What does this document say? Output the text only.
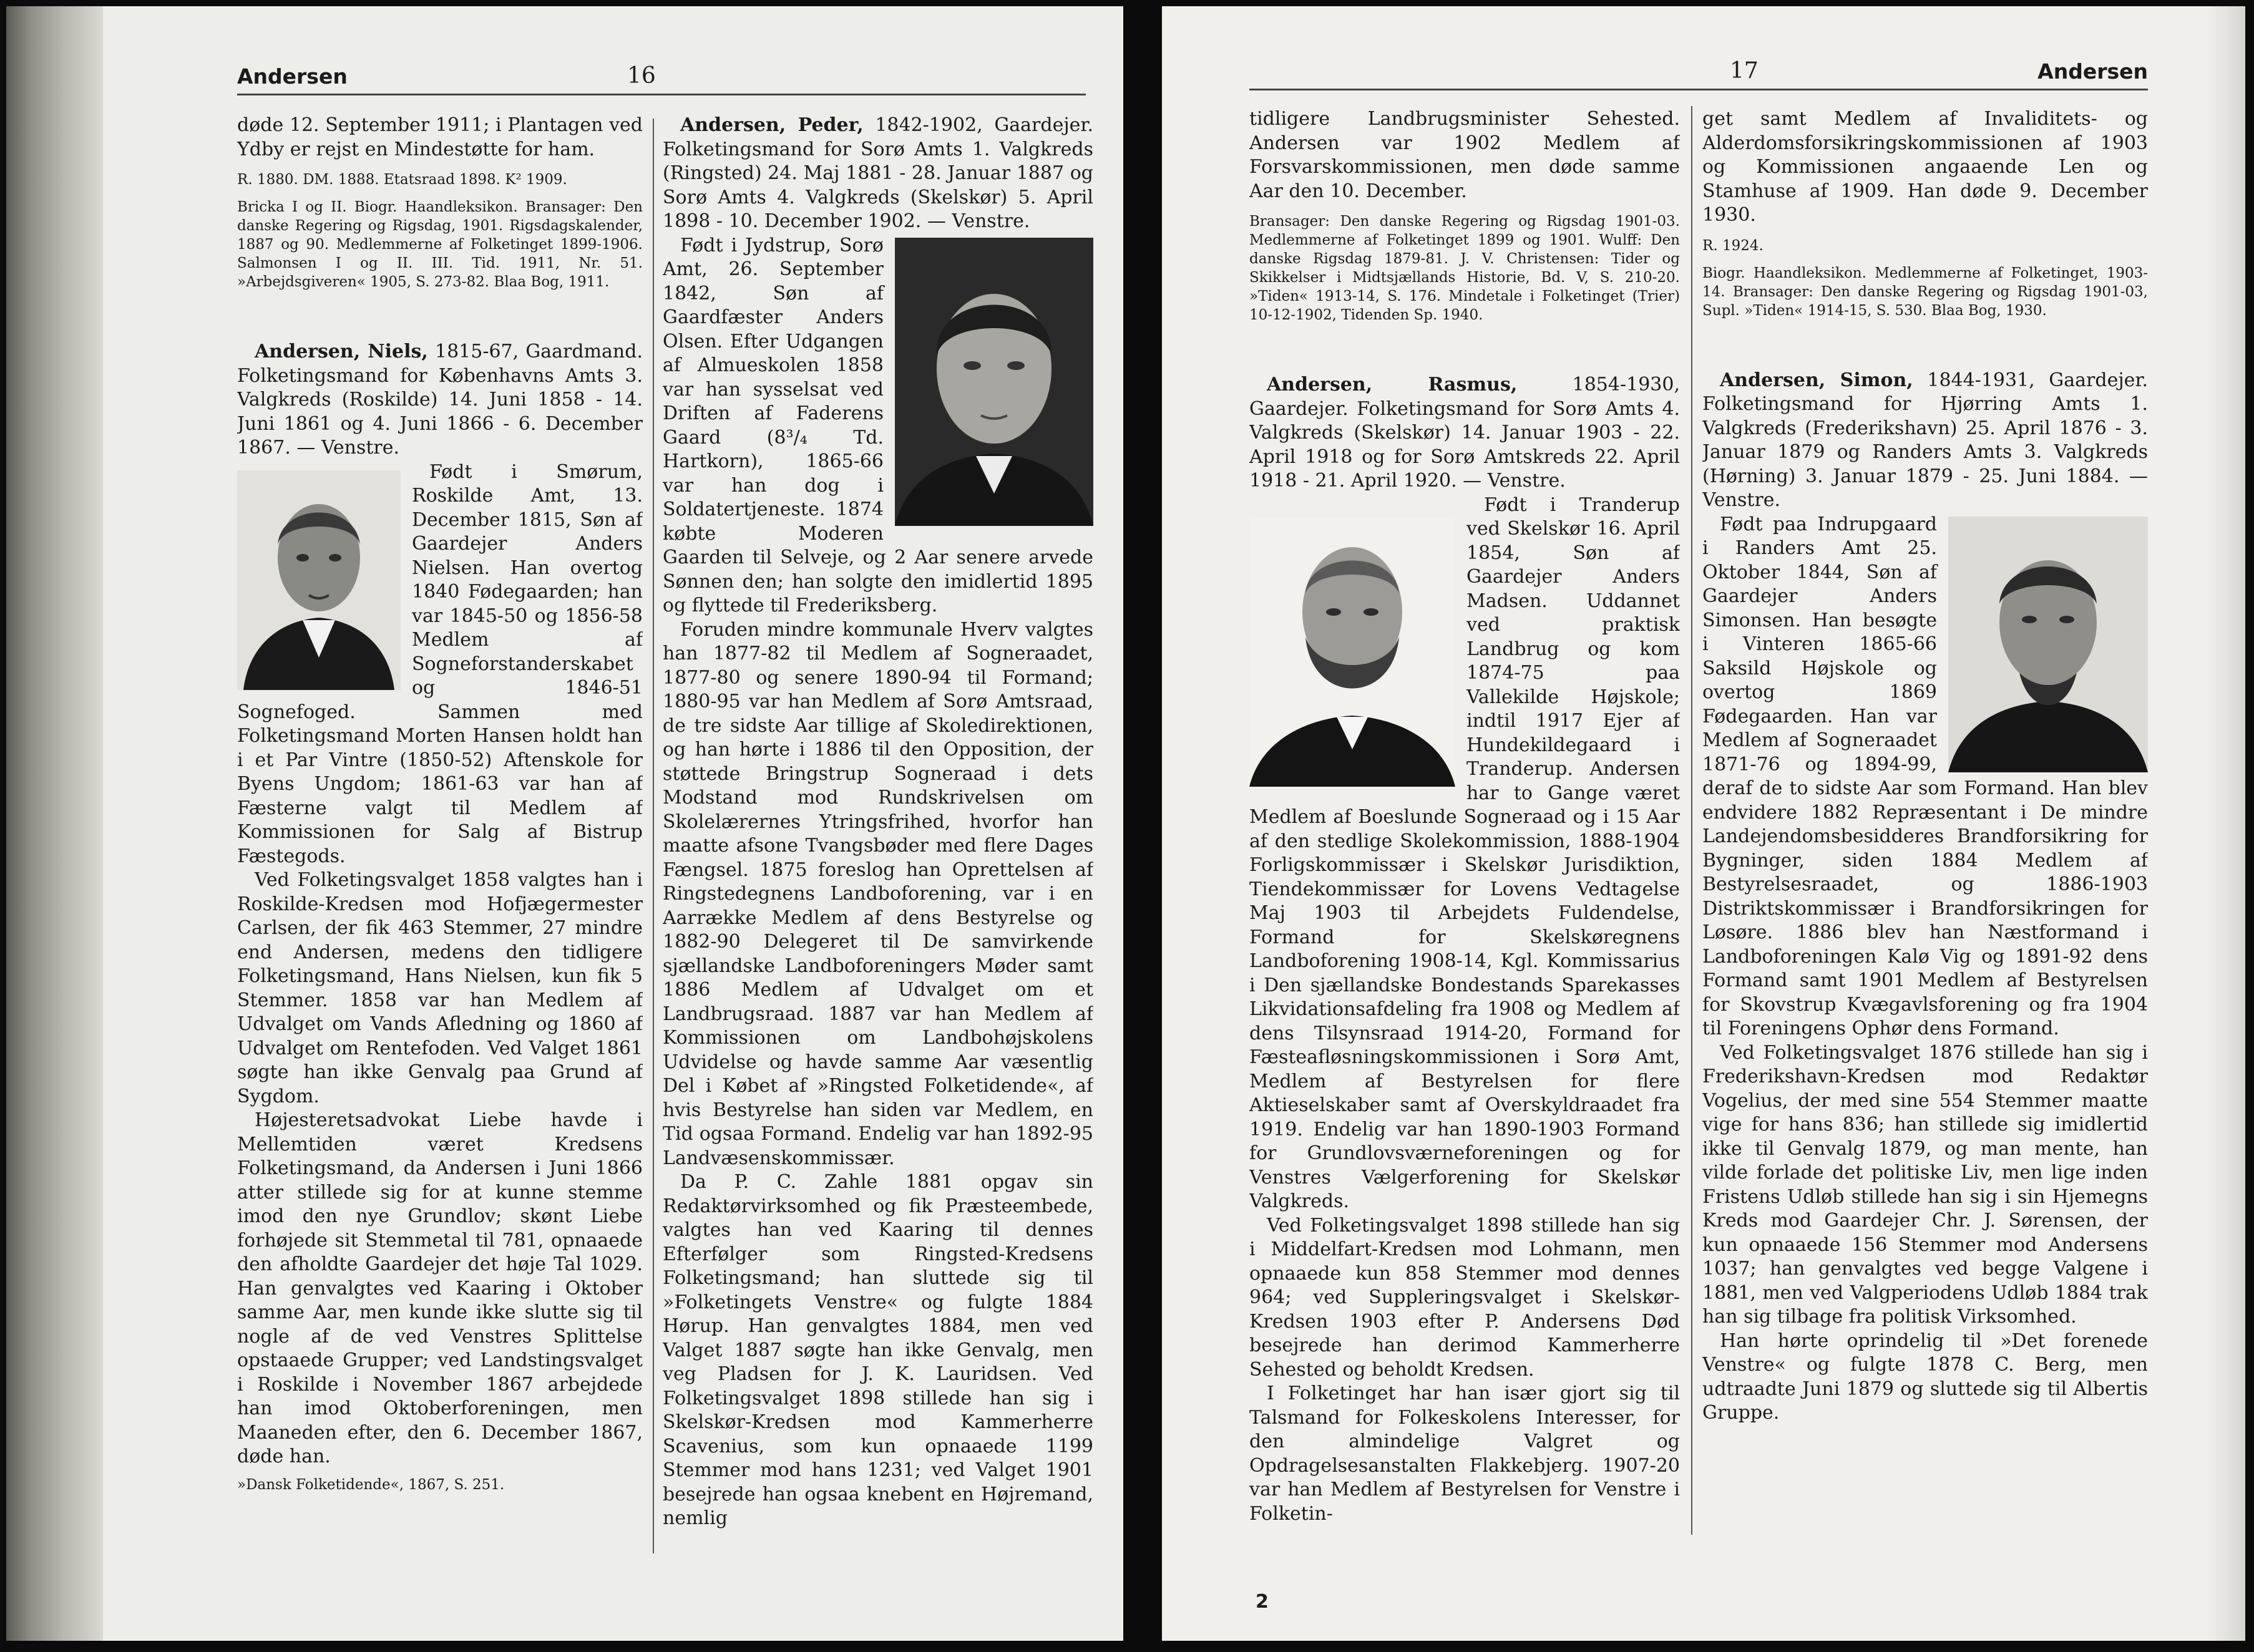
Andersen	16

døde 12. September 1911; i Plantagen ved Ydby er rejst en Mindestøtte for ham.

R. 1880. DM. 1888. Etatsraad 1898. K² 1909.

Bricka I og II. Biogr. Haandleksikon. Bransager: Den danske Regering og Rigsdag, 1901. Rigsdagskalender, 1887 og 90. Medlemmerne af Folketinget 1899-1906. Salmonsen I og II. III. Tid. 1911, Nr. 51. »Arbejdsgiveren« 1905, S. 273-82. Blaa Bog, 1911.

Andersen, Niels, 1815-67, Gaardmand. Folketingsmand for Københavns Amts 3. Valgkreds (Roskilde) 14. Juni 1858 - 14. Juni 1861 og 4. Juni 1866 - 6. December 1867. — Venstre.

Født i Smørum, Roskilde Amt, 13. December 1815, Søn af Gaardejer Anders Nielsen. Han overtog 1840 Fødegaarden; han var 1845-50 og 1856-58 Medlem af Sogneforstanderskabet og 1846-51 Sognefoged. Sammen med Folketingsmand Morten Hansen holdt han i et Par Vintre (1850-52) Aftenskole for Byens Ungdom; 1861-63 var han af Fæsterne valgt til Medlem af Kommissionen for Salg af Bistrup Fæstegods.

Ved Folketingsvalget 1858 valgtes han i Roskilde-Kredsen mod Hofjægermester Carlsen, der fik 463 Stemmer, 27 mindre end Andersen, medens den tidligere Folketingsmand, Hans Nielsen, kun fik 5 Stemmer. 1858 var han Medlem af Udvalget om Vands Afledning og 1860 af Udvalget om Rentefoden. Ved Valget 1861 søgte han ikke Genvalg paa Grund af Sygdom.

Højesteretsadvokat Liebe havde i Mellemtiden været Kredsens Folketingsmand, da Andersen i Juni 1866 atter stillede sig for at kunne stemme imod den nye Grundlov; skønt Liebe forhøjede sit Stemmetal til 781, opnaaede den afholdte Gaardejer det høje Tal 1029. Han genvalgtes ved Kaaring i Oktober samme Aar, men kunde ikke slutte sig til nogle af de ved Venstres Splittelse opstaaede Grupper; ved Landstingsvalget i Roskilde i November 1867 arbejdede han imod Oktoberforeningen, men Maaneden efter, den 6. December 1867, døde han.

»Dansk Folketidende«, 1867, S. 251.

Andersen, Peder, 1842-1902, Gaardejer. Folketingsmand for Sorø Amts 1. Valgkreds (Ringsted) 24. Maj 1881 - 28. Januar 1887 og Sorø Amts 4. Valgkreds (Skelskør) 5. April 1898 - 10. December 1902. — Venstre.

Født i Jydstrup, Sorø Amt, 26. September 1842, Søn af Gaardfæster Anders Olsen. Efter Udgangen af Almueskolen 1858 var han sysselsat ved Driften af Faderens Gaard (8³/₄ Td. Hartkorn), 1865-66 var han dog i Soldatertjeneste. 1874 købte Moderen Gaarden til Selveje, og 2 Aar senere arvede Sønnen den; han solgte den imidlertid 1895 og flyttede til Frederiksberg.

Foruden mindre kommunale Hverv valgtes han 1877-82 til Medlem af Sogneraadet, 1877-80 og senere 1890-94 til Formand; 1880-95 var han Medlem af Sorø Amtsraad, de tre sidste Aar tillige af Skoledirektionen, og han hørte i 1886 til den Opposition, der støttede Bringstrup Sogneraad i dets Modstand mod Rundskrivelsen om Skolelærernes Ytringsfrihed, hvorfor han maatte afsone Tvangsbøder med flere Dages Fængsel. 1875 foreslog han Oprettelsen af Ringstedegnens Landboforening, var i en Aarrække Medlem af dens Bestyrelse og 1882-90 Delegeret til De samvirkende sjællandske Landboforeningers Møder samt 1886 Medlem af Udvalget om et Landbrugsraad. 1887 var han Medlem af Kommissionen om Landbohøjskolens Udvidelse og havde samme Aar væsentlig Del i Købet af »Ringsted Folketidende«, af hvis Bestyrelse han siden var Medlem, en Tid ogsaa Formand. Endelig var han 1892-95 Landvæsenskommissær.

Da P. C. Zahle 1881 opgav sin Redaktørvirksomhed og fik Præsteembede, valgtes han ved Kaaring til dennes Efterfølger som Ringsted-Kredsens Folketingsmand; han sluttede sig til »Folketingets Venstre« og fulgte 1884 Hørup. Han genvalgtes 1884, men ved Valget 1887 søgte han ikke Genvalg, men veg Pladsen for J. K. Lauridsen. Ved Folketingsvalget 1898 stillede han sig i Skelskør-Kredsen mod Kammerherre Scavenius, som kun opnaaede 1199 Stemmer mod hans 1231; ved Valget 1901 besejrede han ogsaa knebent en Højremand, nemlig

17	Andersen

tidligere Landbrugsminister Sehested. Andersen var 1902 Medlem af Forsvarskommissionen, men døde samme Aar den 10. December.

Bransager: Den danske Regering og Rigsdag 1901-03. Medlemmerne af Folketinget 1899 og 1901. Wulff: Den danske Rigsdag 1879-81. J. V. Christensen: Tider og Skikkelser i Midtsjællands Historie, Bd. V, S. 210-20. »Tiden« 1913-14, S. 176. Mindetale i Folketinget (Trier) 10-12-1902, Tidenden Sp. 1940.

Andersen, Rasmus, 1854-1930, Gaardejer. Folketingsmand for Sorø Amts 4. Valgkreds (Skelskør) 14. Januar 1903 - 22. April 1918 og for Sorø Amtskreds 22. April 1918 - 21. April 1920. — Venstre.

Født i Tranderup ved Skelskør 16. April 1854, Søn af Gaardejer Anders Madsen. Uddannet ved praktisk Landbrug og kom 1874-75 paa Vallekilde Højskole; indtil 1917 Ejer af Hundekildegaard i Tranderup. Andersen har to Gange været Medlem af Boeslunde Sogneraad og i 15 Aar af den stedlige Skolekommission, 1888-1904 Forligskommissær i Skelskør Jurisdiktion, Tiendekommissær for Lovens Vedtagelse Maj 1903 til Arbejdets Fuldendelse, Formand for Skelskøregnens Landboforening 1908-14, Kgl. Kommissarius i Den sjællandske Bondestands Sparekasses Likvidationsafdeling fra 1908 og Medlem af dens Tilsynsraad 1914-20, Formand for Fæsteafløsningskommissionen i Sorø Amt, Medlem af Bestyrelsen for flere Aktieselskaber samt af Overskyldraadet fra 1919. Endelig var han 1890-1903 Formand for Grundlovsværneforeningen og for Venstres Vælgerforening for Skelskør Valgkreds.

Ved Folketingsvalget 1898 stillede han sig i Middelfart-Kredsen mod Lohmann, men opnaaede kun 858 Stemmer mod dennes 964; ved Suppleringsvalget i Skelskør-Kredsen 1903 efter P. Andersens Død besejrede han derimod Kammerherre Sehested og beholdt Kredsen.

I Folketinget har han især gjort sig til Talsmand for Folkeskolens Interesser, for den almindelige Valgret og Opdragelsesanstalten Flakkebjerg. 1907-20 var han Medlem af Bestyrelsen for Venstre i Folketin-

get samt Medlem af Invaliditets- og Alderdomsforsikringskommissionen af 1903 og Kommissionen angaaende Len og Stamhuse af 1909. Han døde 9. December 1930.

R. 1924.

Biogr. Haandleksikon. Medlemmerne af Folketinget, 1903-14. Bransager: Den danske Regering og Rigsdag 1901-03, Supl. »Tiden« 1914-15, S. 530. Blaa Bog, 1930.

Andersen, Simon, 1844-1931, Gaardejer. Folketingsmand for Hjørring Amts 1. Valgkreds (Frederikshavn) 25. April 1876 - 3. Januar 1879 og Randers Amts 3. Valgkreds (Hørning) 3. Januar 1879 - 25. Juni 1884. — Venstre.

Født paa Indrupgaard i Randers Amt 25. Oktober 1844, Søn af Gaardejer Anders Simonsen. Han besøgte i Vinteren 1865-66 Saksild Højskole og overtog 1869 Fødegaarden. Han var Medlem af Sogneraadet 1871-76 og 1894-99, deraf de to sidste Aar som Formand. Han blev endvidere 1882 Repræsentant i De mindre Landejendomsbesidderes Brandforsikring for Bygninger, siden 1884 Medlem af Bestyrelsesraadet, og 1886-1903 Distriktskommissær i Brandforsikringen for Løsøre. 1886 blev han Næstformand i Landboforeningen Kalø Vig og 1891-92 dens Formand samt 1901 Medlem af Bestyrelsen for Skovstrup Kvægavlsforening og fra 1904 til Foreningens Ophør dens Formand.

Ved Folketingsvalget 1876 stillede han sig i Frederikshavn-Kredsen mod Redaktør Vogelius, der med sine 554 Stemmer maatte vige for hans 836; han stillede sig imidlertid ikke til Genvalg 1879, og man mente, han vilde forlade det politiske Liv, men lige inden Fristens Udløb stillede han sig i sin Hjemegns Kreds mod Gaardejer Chr. J. Sørensen, der kun opnaaede 156 Stemmer mod Andersens 1037; han genvalgtes ved begge Valgene i 1881, men ved Valgperiodens Udløb 1884 trak han sig tilbage fra politisk Virksomhed.

Han hørte oprindelig til »Det forenede Venstre« og fulgte 1878 C. Berg, men udtraadte Juni 1879 og sluttede sig til Albertis Gruppe.

2
